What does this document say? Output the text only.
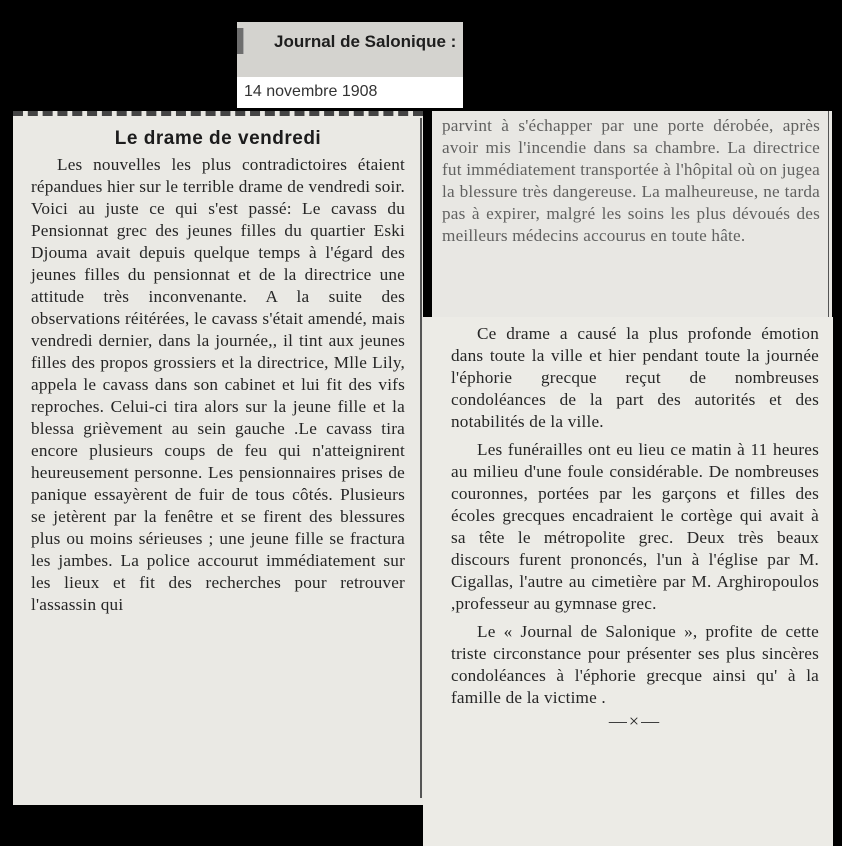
Journal de Salonique :
14 novembre 1908
Le drame de vendredi

Les nouvelles les plus contradictoires étaient répandues hier sur le terrible drame de vendredi soir. Voici au juste ce qui s'est passé: Le cavass du Pensionnat grec des jeunes filles du quartier Eski Djouma avait depuis quelque temps à l'égard des jeunes filles du pensionnat et de la directrice une attitude très inconvenante. A la suite des observations réitérées, le cavass s'était amendé, mais vendredi dernier, dans la journée,, il tint aux jeunes filles des propos grossiers et la directrice, Mlle Lily, appela le cavass dans son cabinet et lui fit des vifs reproches. Celui-ci tira alors sur la jeune fille et la blessa grièvement au sein gauche .Le cavass tira encore plusieurs coups de feu qui n'atteignirent heureusement personne. Les pensionnaires prises de panique essayèrent de fuir de tous côtés. Plusieurs se jetèrent par la fenêtre et se firent des blessures plus ou moins sérieuses ; une jeune fille se fractura les jambes. La police accourut immédiatement sur les lieux et fit des recherches pour retrouver l'assassin qui

parvint à s'échapper par une porte dérobée, après avoir mis l'incendie dans sa chambre. La directrice fut immédiatement transportée à l'hôpital où on jugea la blessure très dangereuse. La malheureuse, ne tarda pas à expirer, malgré les soins les plus dévoués des meilleurs médecins accourus en toute hâte.

Ce drame a causé la plus profonde émotion dans toute la ville et hier pendant toute la journée l'éphorie grecque reçut de nombreuses condoléances de la part des autorités et des notabilités de la ville.

Les funérailles ont eu lieu ce matin à 11 heures au milieu d'une foule considérable. De nombreuses couronnes, portées par les garçons et filles des écoles grecques encadraient le cortège qui avait à sa tête le métropolite grec. Deux très beaux discours furent prononcés, l'un à l'église par M. Cigallas, l'autre au cimetière par M. Arghiropoulos ,professeur au gymnase grec.

Le « Journal de Salonique », profite de cette triste circonstance pour présenter ses plus sincères condoléances à l'éphorie grecque ainsi qu' à la famille de la victime .

—×—
